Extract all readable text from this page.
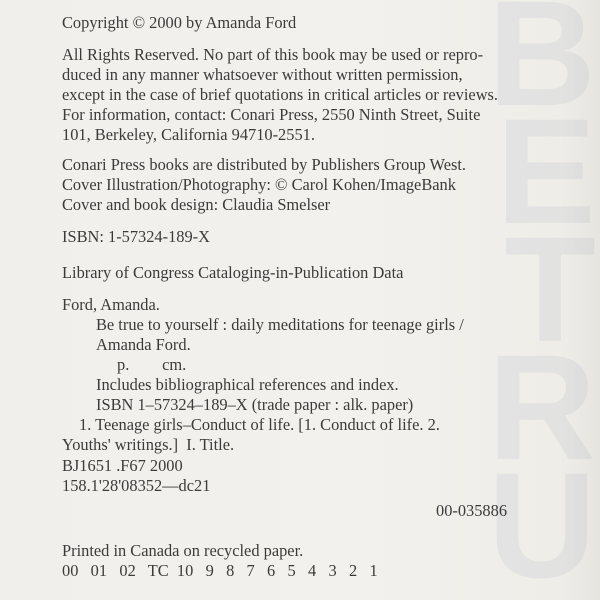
B
E
T
R
U
Copyright © 2000 by Amanda Ford
All Rights Reserved. No part of this book may be used or repro-
duced in any manner whatsoever without written permission,
except in the case of brief quotations in critical articles or reviews.
For information, contact: Conari Press, 2550 Ninth Street, Suite
101, Berkeley, California 94710-2551.
Conari Press books are distributed by Publishers Group West.
Cover Illustration/Photography: © Carol Kohen/ImageBank
Cover and book design: Claudia Smelser
ISBN: 1-57324-189-X
Library of Congress Cataloging-in-Publication Data
Ford, Amanda.
Be true to yourself : daily meditations for teenage girls /
Amanda Ford.
p.        cm.
Includes bibliographical references and index.
ISBN 1–57324–189–X (trade paper : alk. paper)
1. Teenage girls–Conduct of life. [1. Conduct of life. 2.
Youths' writings.]  I. Title.
BJ1651 .F67 2000
158.1'28'08352—dc21
00-035886
Printed in Canada on recycled paper.
00   01   02   TC  10   9   8   7   6   5   4   3   2   1
